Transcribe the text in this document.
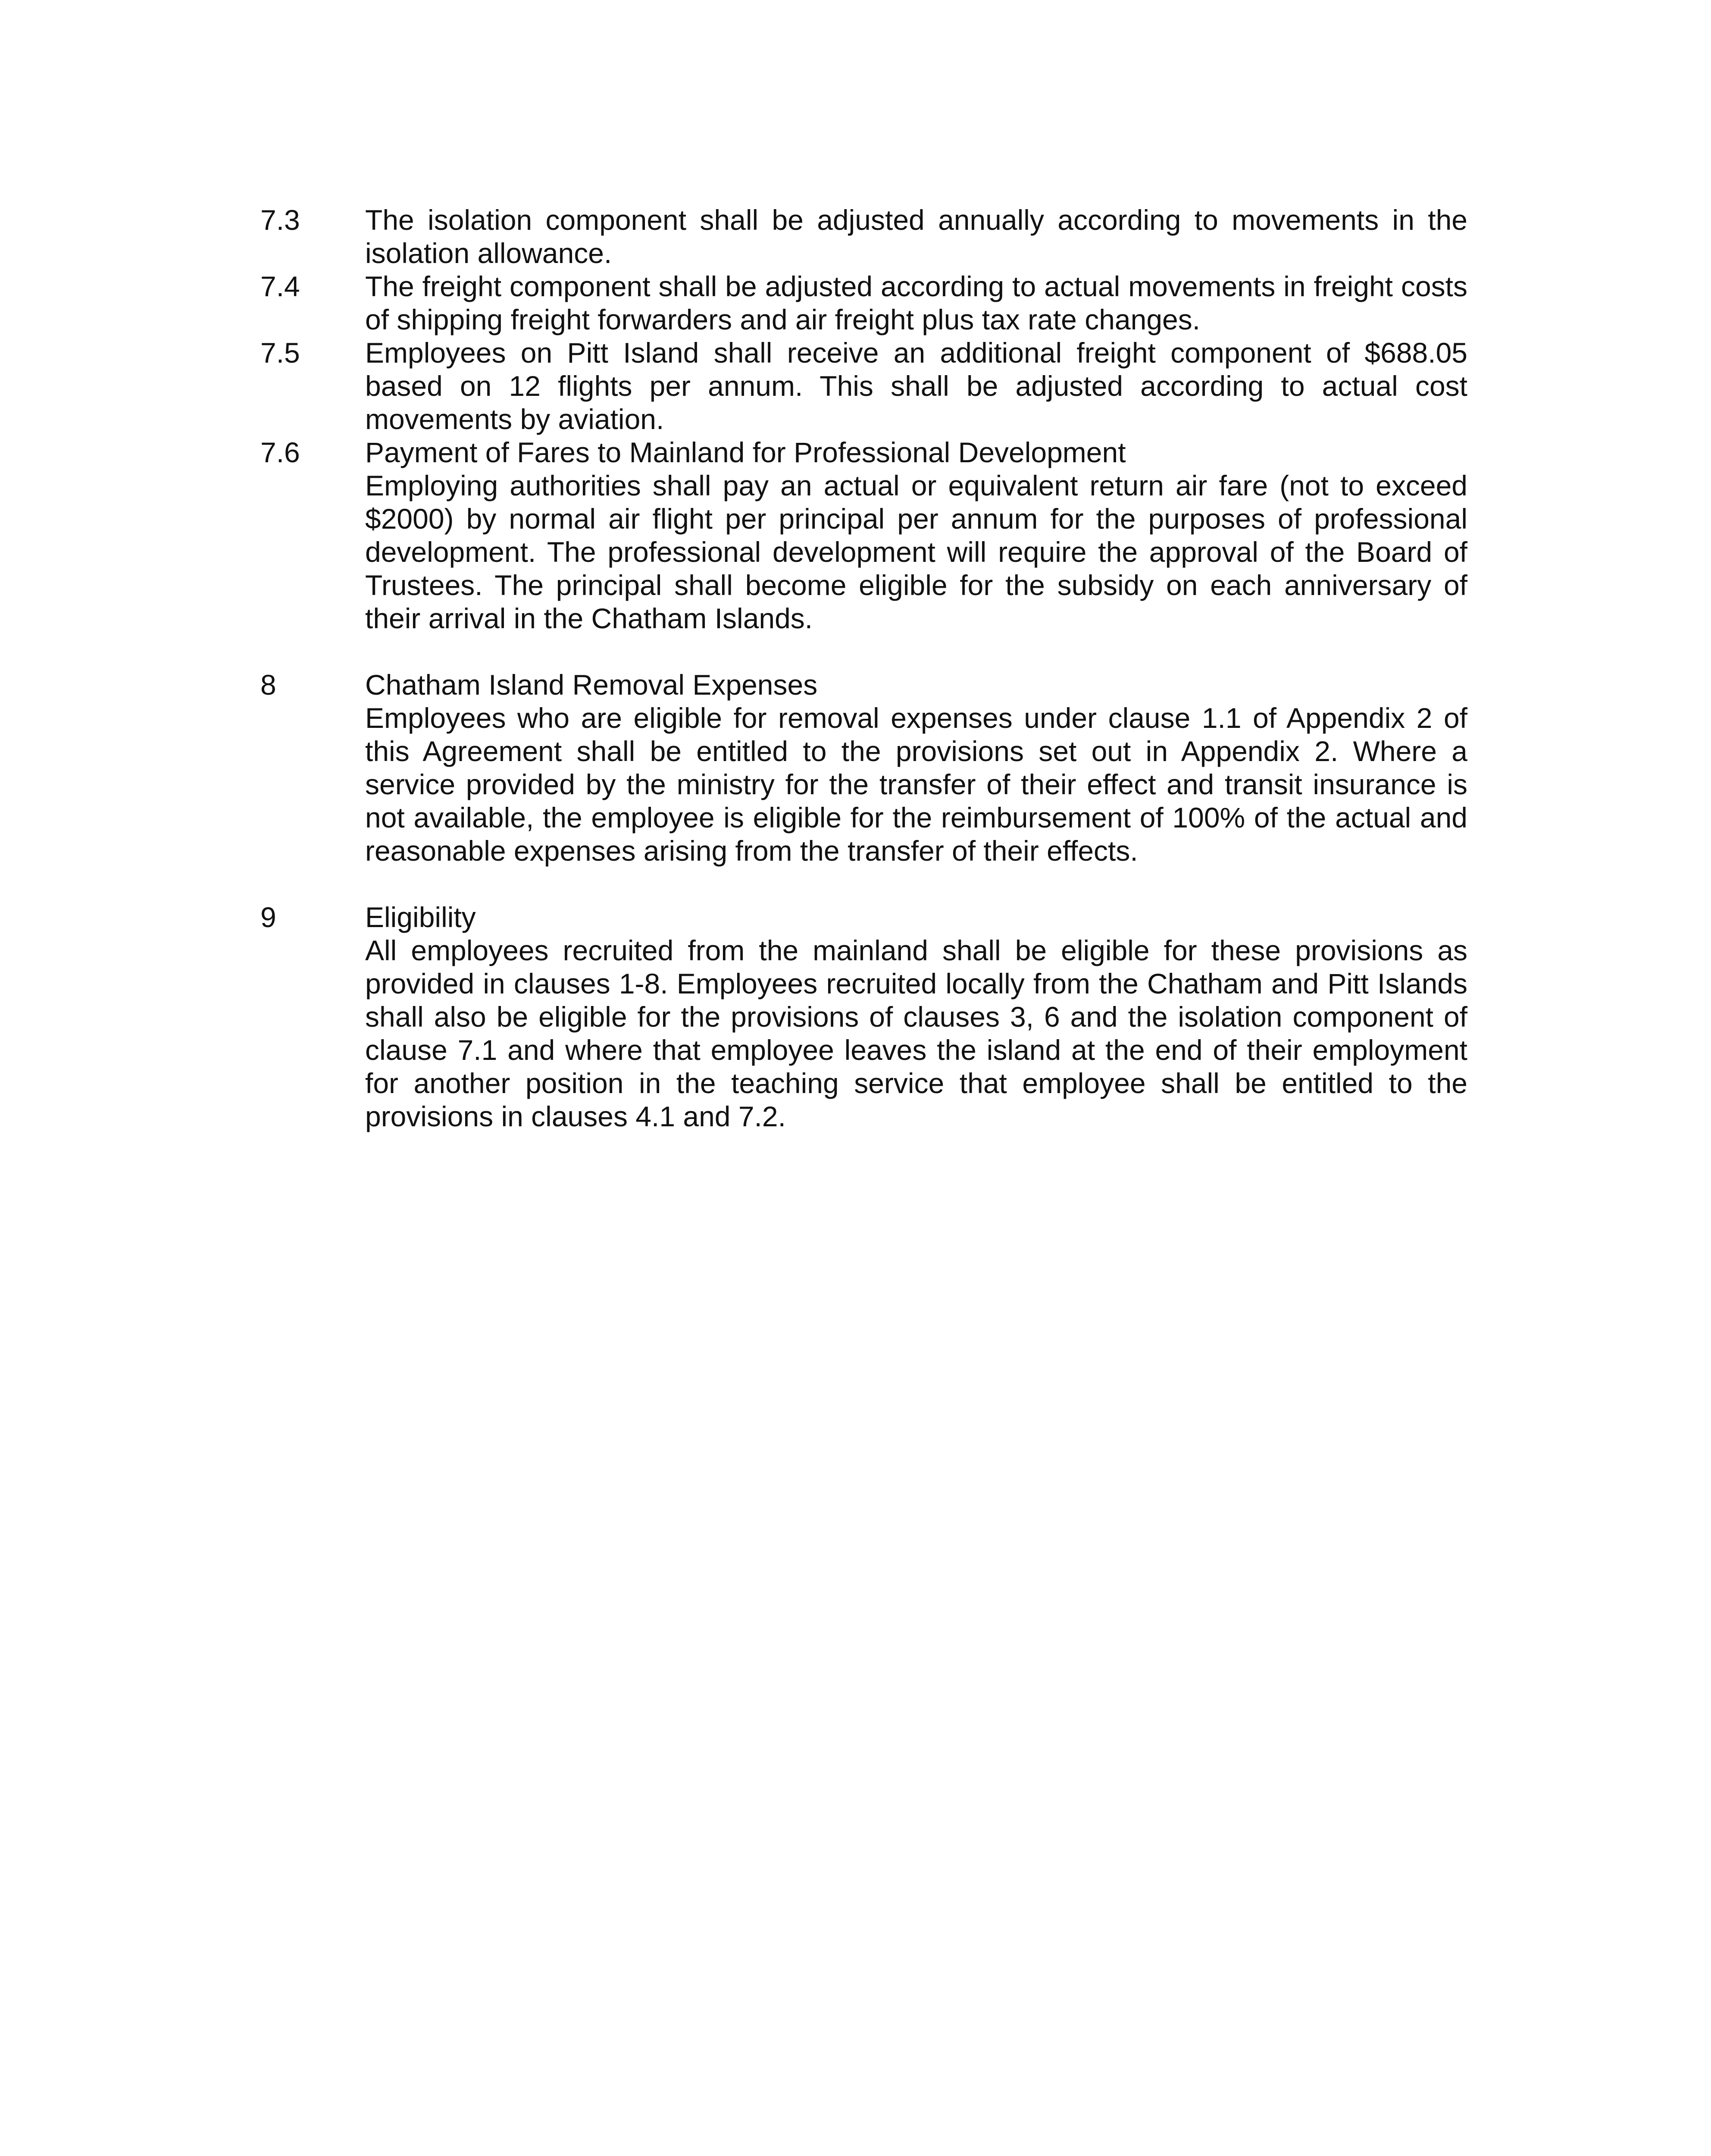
7.3 The isolation component shall be adjusted annually according to movements in the isolation allowance.
7.4 The freight component shall be adjusted according to actual movements in freight costs of shipping freight forwarders and air freight plus tax rate changes.
7.5 Employees on Pitt Island shall receive an additional freight component of $688.05 based on 12 flights per annum. This shall be adjusted according to actual cost movements by aviation.
7.6 Payment of Fares to Mainland for Professional Development
Employing authorities shall pay an actual or equivalent return air fare (not to exceed $2000) by normal air flight per principal per annum for the purposes of professional development. The professional development will require the approval of the Board of Trustees. The principal shall become eligible for the subsidy on each anniversary of their arrival in the Chatham Islands.
8	Chatham Island Removal Expenses
Employees who are eligible for removal expenses under clause 1.1 of Appendix 2 of this Agreement shall be entitled to the provisions set out in Appendix 2. Where a service provided by the ministry for the transfer of their effect and transit insurance is not available, the employee is eligible for the reimbursement of 100% of the actual and reasonable expenses arising from the transfer of their effects.
9	Eligibility
All employees recruited from the mainland shall be eligible for these provisions as provided in clauses 1-8. Employees recruited locally from the Chatham and Pitt Islands shall also be eligible for the provisions of clauses 3, 6 and the isolation component of clause 7.1 and where that employee leaves the island at the end of their employment for another position in the teaching service that employee shall be entitled to the provisions in clauses 4.1 and 7.2.
